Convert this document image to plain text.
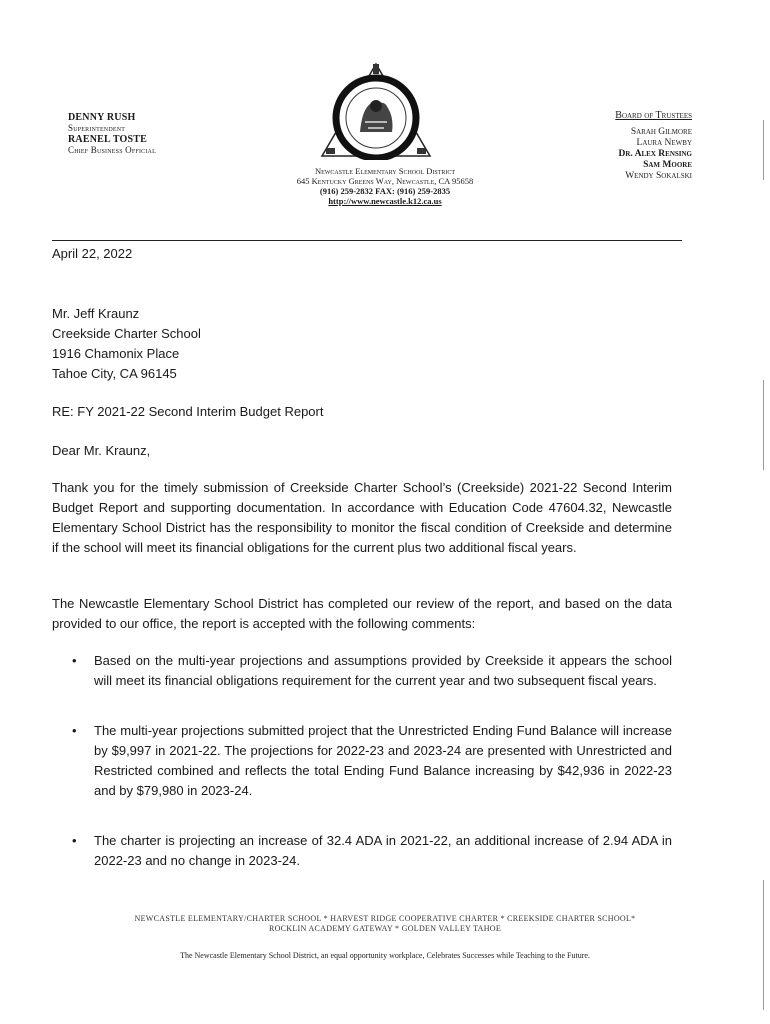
DENNY RUSH
Superintendent
RAENEL TOSTE
Chief Business Official
Board of Trustees
Sarah Gilmore
Laura Newby
Dr. Alex Rensing
Sam Moore
Wendy Sokalski
Newcastle Elementary School District
645 Kentucky Greens Way, Newcastle, CA 95658
(916) 259-2832 FAX: (916) 259-2835
http://www.newcastle.k12.ca.us
April 22, 2022
Mr. Jeff Kraunz
Creekside Charter School
1916 Chamonix Place
Tahoe City, CA 96145
RE: FY 2021-22 Second Interim Budget Report
Dear Mr. Kraunz,
Thank you for the timely submission of Creekside Charter School’s (Creekside) 2021-22 Second Interim Budget Report and supporting documentation. In accordance with Education Code 47604.32, Newcastle Elementary School District has the responsibility to monitor the fiscal condition of Creekside and determine if the school will meet its financial obligations for the current plus two additional fiscal years.
The Newcastle Elementary School District has completed our review of the report, and based on the data provided to our office, the report is accepted with the following comments:
• Based on the multi-year projections and assumptions provided by Creekside it appears the school will meet its financial obligations requirement for the current year and two subsequent fiscal years.
• The multi-year projections submitted project that the Unrestricted Ending Fund Balance will increase by $9,997 in 2021-22. The projections for 2022-23 and 2023-24 are presented with Unrestricted and Restricted combined and reflects the total Ending Fund Balance increasing by $42,936 in 2022-23 and by $79,980 in 2023-24.
• The charter is projecting an increase of 32.4 ADA in 2021-22, an additional increase of 2.94 ADA in 2022-23 and no change in 2023-24.
NEWCASTLE ELEMENTARY/CHARTER SCHOOL * HARVEST RIDGE COOPERATIVE CHARTER * CREEKSIDE CHARTER SCHOOL*
ROCKLIN ACADEMY GATEWAY * GOLDEN VALLEY TAHOE
The Newcastle Elementary School District, an equal opportunity workplace, Celebrates Successes while Teaching to the Future.
